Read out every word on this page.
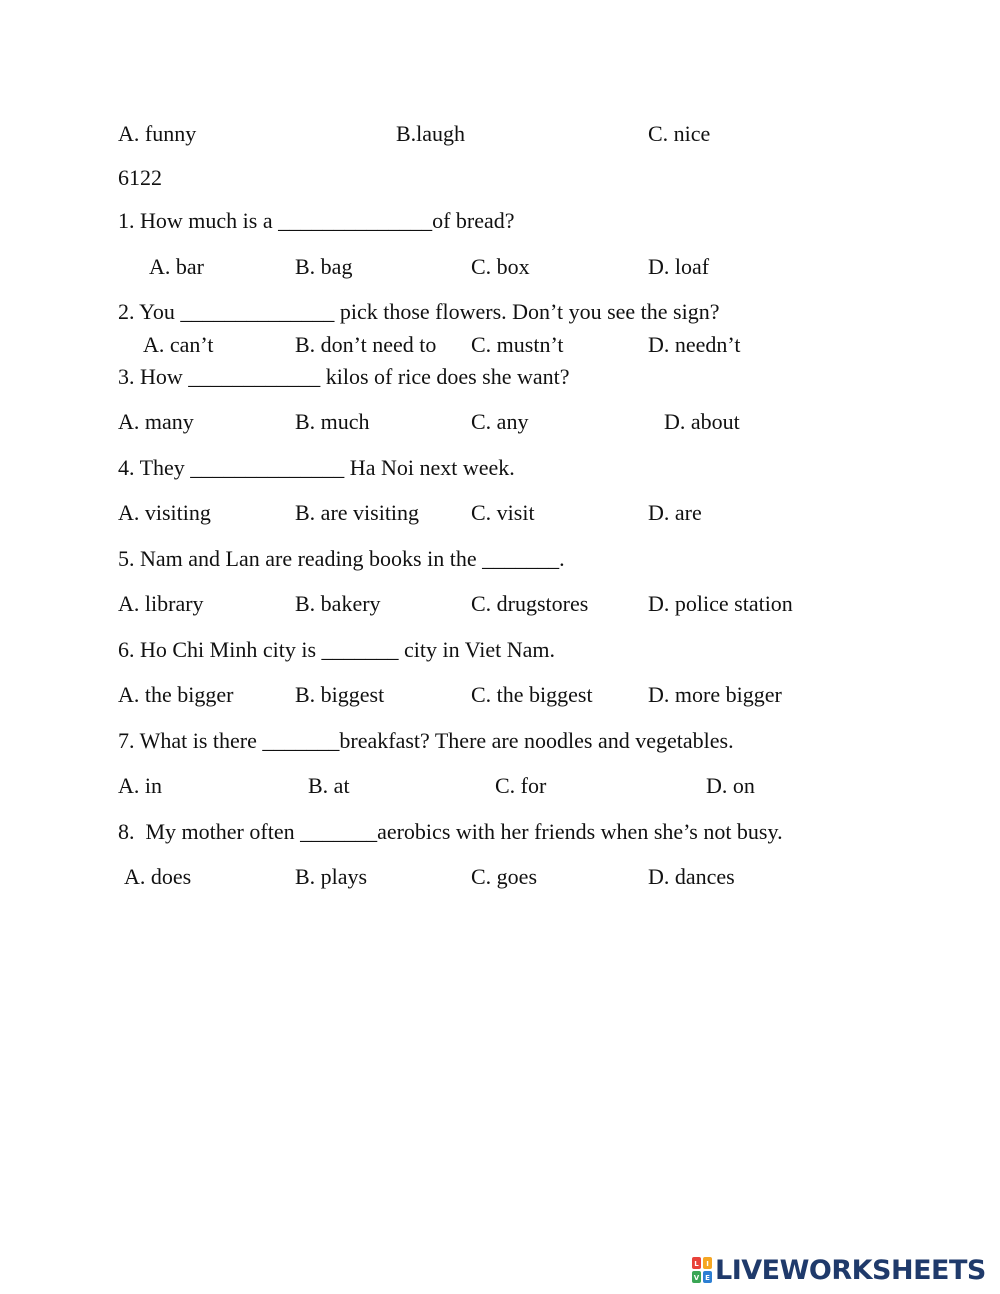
A. funny	B.laugh	C. nice
6122
1. How much is a ______________of bread?
A. bar	B. bag	C. box	D. loaf
2. You ______________ pick those flowers. Don’t you see the sign?
A. can’t	B. don’t need to C. mustn’t	D. needn’t
3. How ____________ kilos of rice does she want?
A. many	B. much	C. any	D. about
4. They ______________ Ha Noi next week.
A. visiting	B. are visiting C. visit	D. are
5. Nam and Lan are reading books in the _______.
A. library	B. bakery	C. drugstores	D. police station
6. Ho Chi Minh city is _______ city in Viet Nam.
A. the bigger	B. biggest	C. the biggest	D. more bigger
7. What is there _______breakfast? There are noodles and vegetables.
A. in	B. at	C. for	D. on
8.  My mother often _______aerobics with her friends when she’s not busy.
A. does	B. plays	C. goes	D. dances
L I
V E LIVEWORKSHEETS
